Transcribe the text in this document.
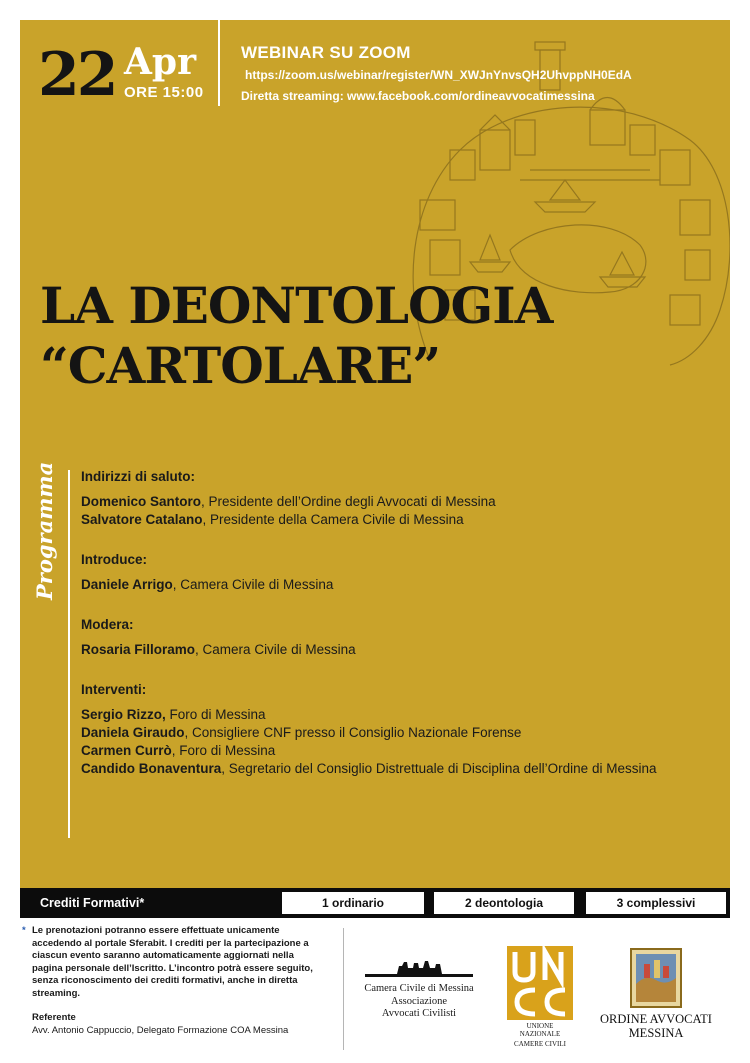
22 Apr
ORE 15:00
WEBINAR SU ZOOM
https://zoom.us/webinar/register/WN_XWJnYnvsQH2UhvppNH0EdA
Diretta streaming: www.facebook.com/ordineavvocatimessina
LA DEONTOLOGIA
“CARTOLARE”
Programma Indirizzi di saluto:
Domenico Santoro, Presidente dell’Ordine degli Avvocati di Messina
Salvatore Catalano, Presidente della Camera Civile di Messina
Introduce:
Daniele Arrigo, Camera Civile di Messina
Modera:
Rosaria Filloramo, Camera Civile di Messina
Interventi:
Sergio Rizzo, Foro di Messina
Daniela Giraudo, Consigliere CNF presso il Consiglio Nazionale Forense
Carmen Currò, Foro di Messina
Candido Bonaventura, Segretario del Consiglio Distrettuale di Disciplina dell’Ordine di Messina
Crediti Formativi*	1 ordinario	2 deontologia	3 complessivi
* Le prenotazioni potranno essere effettuate unicamente accedendo al portale Sferabit. I crediti per la partecipazione a ciascun evento saranno automaticamente aggiornati nella pagina personale dell’Iscritto. L’incontro potrà essere seguito, senza riconoscimento dei crediti formativi, anche in diretta streaming.
Referente
Avv. Antonio Cappuccio, Delegato Formazione COA Messina
Camera Civile di Messina
Associazione
Avvocati Civilisti
UNIONE NAZIONALE
CAMERE CIVILI
ORDINE AVVOCATI
MESSINA
